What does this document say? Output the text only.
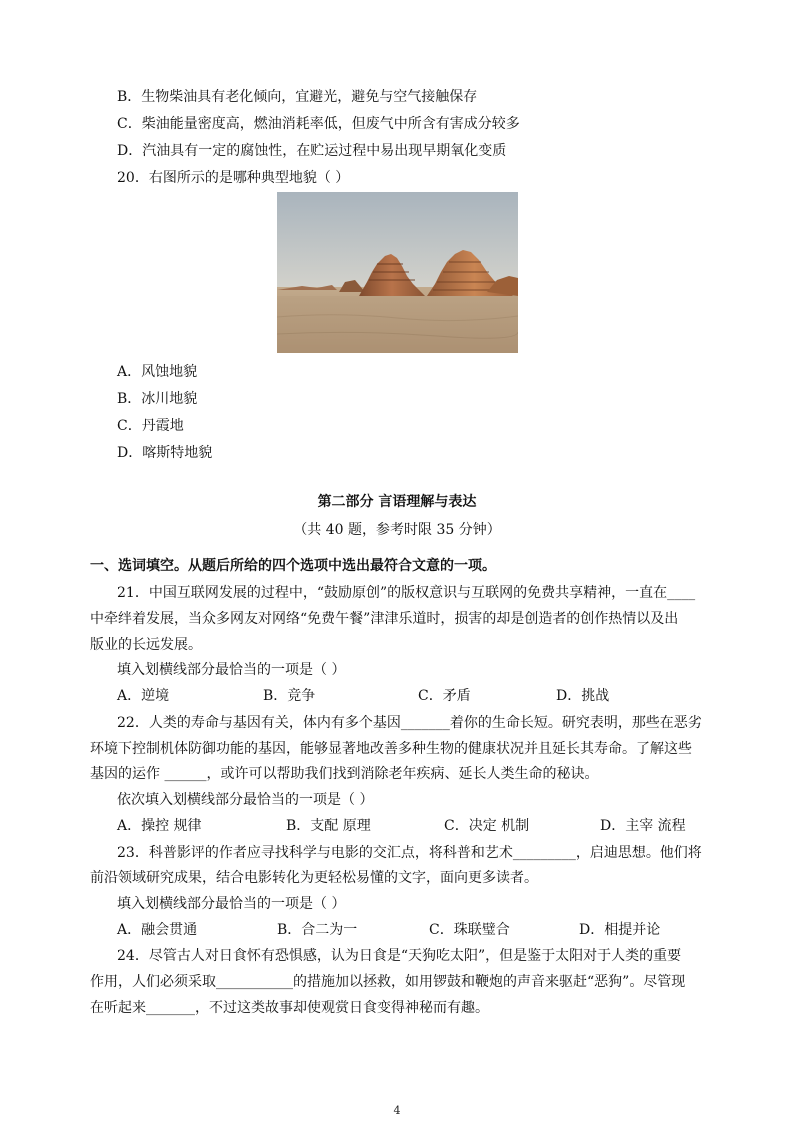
B．生物柴油具有老化倾向，宜避光，避免与空气接触保存
C．柴油能量密度高，燃油消耗率低，但废气中所含有害成分较多
D．汽油具有一定的腐蚀性，在贮运过程中易出现早期氧化变质
20．右图所示的是哪种典型地貌（ ）
A．风蚀地貌
B．冰川地貌
C．丹霞地
D．喀斯特地貌
第二部分 言语理解与表达
（共 40 题，参考时限 35 分钟）
一、选词填空。从题后所给的四个选项中选出最符合文意的一项。
21．中国互联网发展的过程中，“鼓励原创”的版权意识与互联网的免费共享精神，一直在____
中牵绊着发展，当众多网友对网络“免费午餐”津津乐道时，损害的却是创造者的创作热情以及出
版业的长远发展。
填入划横线部分最恰当的一项是（ ）
A．逆境	B．竞争	C．矛盾	D．挑战
22．人类的寿命与基因有关，体内有多个基因_______着你的生命长短。研究表明，那些在恶劣
环境下控制机体防御功能的基因，能够显著地改善多种生物的健康状况并且延长其寿命。了解这些
基因的运作 ______，或许可以帮助我们找到消除老年疾病、延长人类生命的秘诀。
依次填入划横线部分最恰当的一项是（ ）
A．操控 规律	B．支配 原理	C．决定 机制	D．主宰 流程
23．科普影评的作者应寻找科学与电影的交汇点，将科普和艺术_________，启迪思想。他们将
前沿领域研究成果，结合电影转化为更轻松易懂的文字，面向更多读者。
填入划横线部分最恰当的一项是（ ）
A．融会贯通	B．合二为一	C．珠联璧合	D．相提并论
24．尽管古人对日食怀有恐惧感，认为日食是“天狗吃太阳”，但是鉴于太阳对于人类的重要
作用，人们必须采取___________的措施加以拯救，如用锣鼓和鞭炮的声音来驱赶“恶狗”。尽管现
在听起来_______，不过这类故事却使观赏日食变得神秘而有趣。
4
